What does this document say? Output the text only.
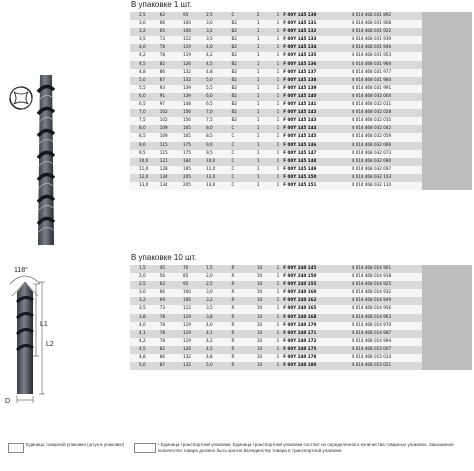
118°
L1
L2
D
В упаковке 1 шт.
2,5	62	95	2,5	C	2	1	F 00Y 145 130	4 014 468 031 892	
3,0	66	100	3,0	B2	1	1	F 00Y 145 131	4 014 468 031 908	
3,2	65	106	3,2	B2	1	1	F 00Y 145 132	4 014 468 031 922	
3,5	73	112	3,5	B2	1	1	F 00Y 145 133	4 014 468 031 939	
4,0	78	119	4,0	B2	1	1	F 00Y 145 134	4 014 468 031 946	
4,2	78	119	4,2	B2	1	1	F 00Y 145 135	4 014 468 031 953	
4,5	82	126	4,5	B2	1	1	F 00Y 145 136	4 014 468 031 960	
4,8	86	132	4,8	B2	1	1	F 00Y 145 137	4 014 468 031 977	
5,0	87	132	5,0	B2	1	1	F 00Y 145 138	4 014 468 031 984	
5,5	93	139	5,5	B2	1	1	F 00Y 145 139	4 014 468 031 991	
6,0	91	139	6,0	B2	1	1	F 00Y 145 140	4 014 468 032 004	
6,5	97	148	6,5	B2	1	1	F 00Y 145 141	4 014 468 032 011	
7,0	102	156	7,0	B2	1	1	F 00Y 145 142	4 014 468 032 028	
7,5	102	156	7,5	B2	1	1	F 00Y 145 143	4 014 468 032 035	
8,0	109	165	8,0	C	1	1	F 00Y 145 144	4 014 468 032 042	
8,5	109	165	8,5	C	1	1	F 00Y 145 145	4 014 468 032 059	
9,0	115	175	9,0	C	1	1	F 00Y 145 146	4 014 468 032 066	
9,5	115	175	9,5	C	1	1	F 00Y 145 147	4 014 468 032 073	
10,0	121	184	10,0	C	1	1	F 00Y 145 148	4 014 468 032 080	
11,0	128	195	11,0	C	1	1	F 00Y 145 149	4 014 468 032 097	
12,0	134	205	12,0	C	1	1	F 00Y 145 150	4 014 468 032 103	
13,0	134	205	13,0	C	1	1	F 00Y 145 151	4 014 468 032 110	
В упаковке 10 шт.
1,5	45	70	1,5	R	10	1	F 00Y 240 145	4 014 468 014 901	
2,0	56	85	2,0	R	10	1	F 00Y 240 150	4 014 468 014 918	
2,5	62	95	2,5	R	10	1	F 00Y 240 155	4 014 468 014 925	
3,0	66	100	3,0	R	10	1	F 00Y 240 160	4 014 468 014 932	
3,2	69	106	3,2	R	10	1	F 00Y 240 162	4 014 468 014 949	
3,5	73	112	3,5	R	10	1	F 00Y 240 165	4 014 468 014 956	
3,8	78	119	3,8	R	10	1	F 00Y 240 168	4 014 468 014 963	
4,0	78	119	4,0	R	10	1	F 00Y 240 170	4 014 468 014 970	
4,1	78	119	4,1	R	10	1	F 00Y 240 171	4 014 468 014 987	
4,2	78	119	4,2	R	10	1	F 00Y 240 172	4 014 468 014 994	
4,5	82	126	4,5	R	10	1	F 00Y 240 175	4 014 468 015 007	
4,8	86	132	4,8	R	10	1	F 00Y 240 178	4 014 468 015 014	
5,0	87	132	5,0	R	10	1	F 00Y 240 180	4 014 468 015 021	
Единица товарной упаковки (штук в упаковке)	¹ Единица транспортной упаковки: Единица транспортной упаковки состоит из определенного количества товарных упаковок. Заказанное количество товара должно быть кратно Всеединству товара в транспортной упаковке.
